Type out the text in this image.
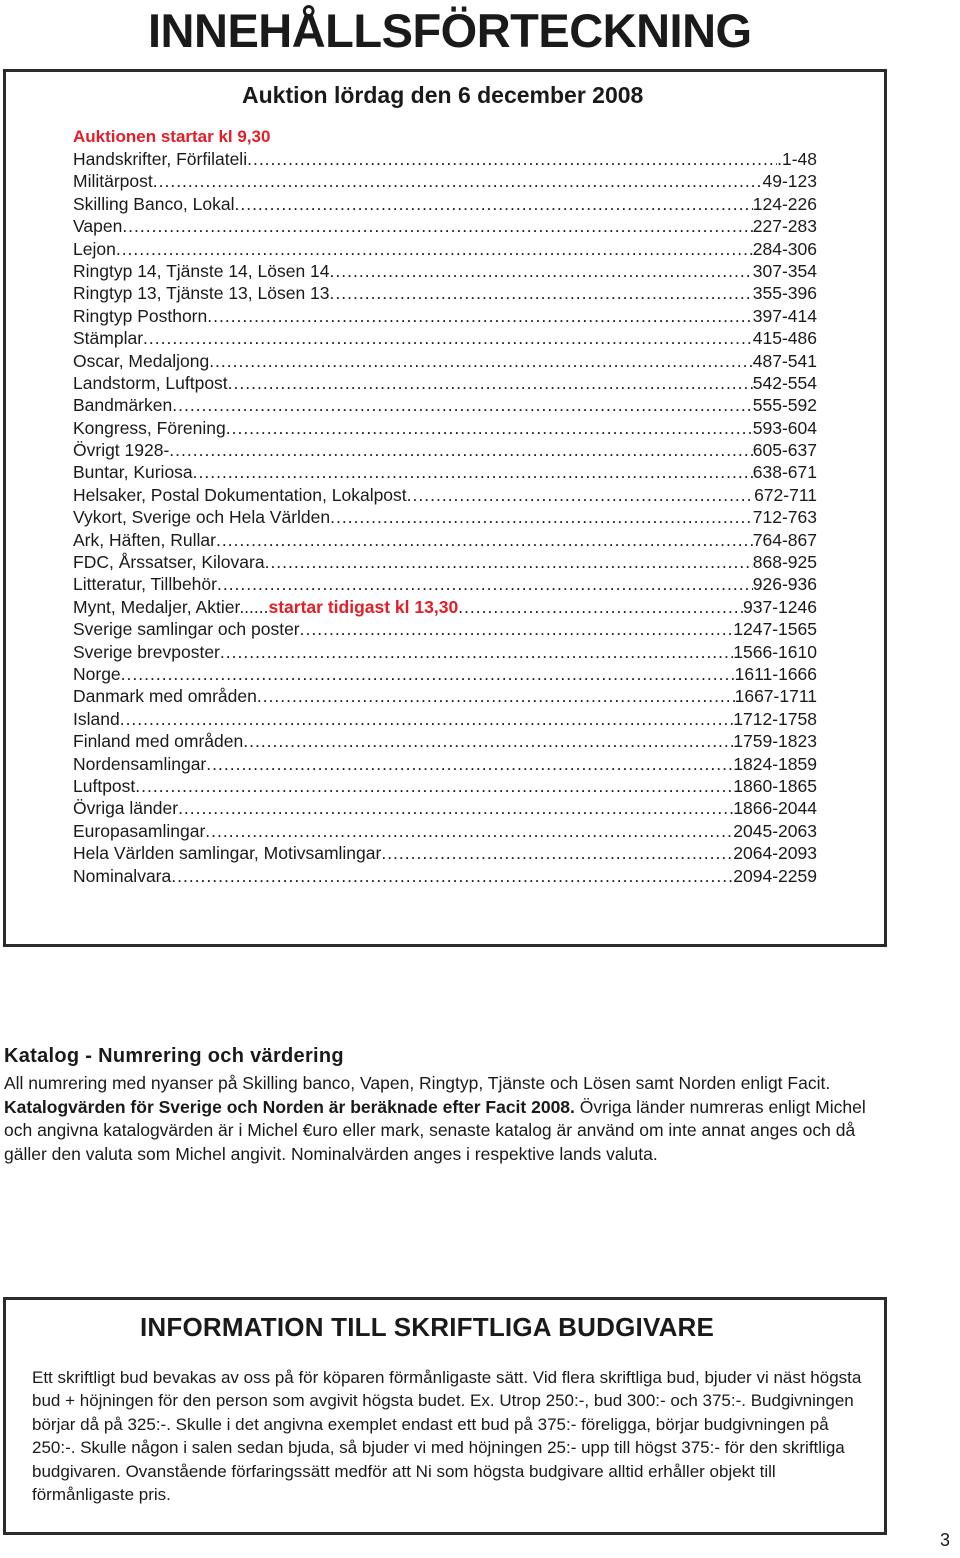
INNEHÅLLSFÖRTECKNING
Auktion lördag den 6 december 2008
Auktionen startar kl 9,30
Handskrifter, Förfilateli .....	.1-48
Militärpost .....	49-123
Skilling Banco, Lokal .....	124-226
Vapen .....	227-283
Lejon .....	284-306
Ringtyp 14, Tjänste 14, Lösen 14 .....	307-354
Ringtyp 13, Tjänste 13, Lösen 13 .....	355-396
Ringtyp Posthorn .....	397-414
Stämplar .....	415-486
Oscar, Medaljong .....	487-541
Landstorm, Luftpost .....	542-554
Bandmärken .....	555-592
Kongress, Förening .....	593-604
Övrigt 1928- .....	605-637
Buntar, Kuriosa .....	638-671
Helsaker, Postal Dokumentation, Lokalpost .....	672-711
Vykort, Sverige och Hela Världen .....	712-763
Ark, Häften, Rullar .....	764-867
FDC, Årssatser, Kilovara .....	868-925
Litteratur, Tillbehör .....	926-936
Mynt, Medaljer, Aktier...... startar tidigast kl 13,30 .....	937-1246
Sverige samlingar och poster .....	1247-1565
Sverige brevposter .....	1566-1610
Norge .....	1611-1666
Danmark med områden .....	1667-1711
Island .....	1712-1758
Finland med områden .....	1759-1823
Nordensamlingar .....	1824-1859
Luftpost .....	1860-1865
Övriga länder .....	1866-2044
Europasamlingar .....	2045-2063
Hela Världen samlingar, Motivsamlingar .....	2064-2093
Nominalvara .....	2094-2259
Katalog - Numrering och värdering

All numrering med nyanser på Skilling banco, Vapen, Ringtyp, Tjänste och Lösen samt Norden enligt Facit.
Katalogvärden för Sverige och Norden är beräknade efter Facit 2008. Övriga länder numreras enligt Michel och angivna katalogvärden är i Michel €uro eller mark, senaste katalog är använd om inte annat anges och då gäller den valuta som Michel angivit. Nominalvärden anges i respektive lands valuta.

INFORMATION TILL SKRIFTLIGA BUDGIVARE

Ett skriftligt bud bevakas av oss på för köparen förmånligaste sätt. Vid flera skriftliga bud, bjuder vi näst högsta bud + höjningen för den person som avgivit högsta budet. Ex. Utrop 250:-, bud 300:- och 375:-. Budgivningen börjar då på 325:-. Skulle i det angivna exemplet endast ett bud på 375:- föreligga, börjar budgivningen på 250:-. Skulle någon i salen sedan bjuda, så bjuder vi med höjningen 25:- upp till högst 375:- för den skriftliga budgivaren. Ovanstående förfaringssätt medför att Ni som högsta budgivare alltid erhåller objekt till förmånligaste pris.

3
